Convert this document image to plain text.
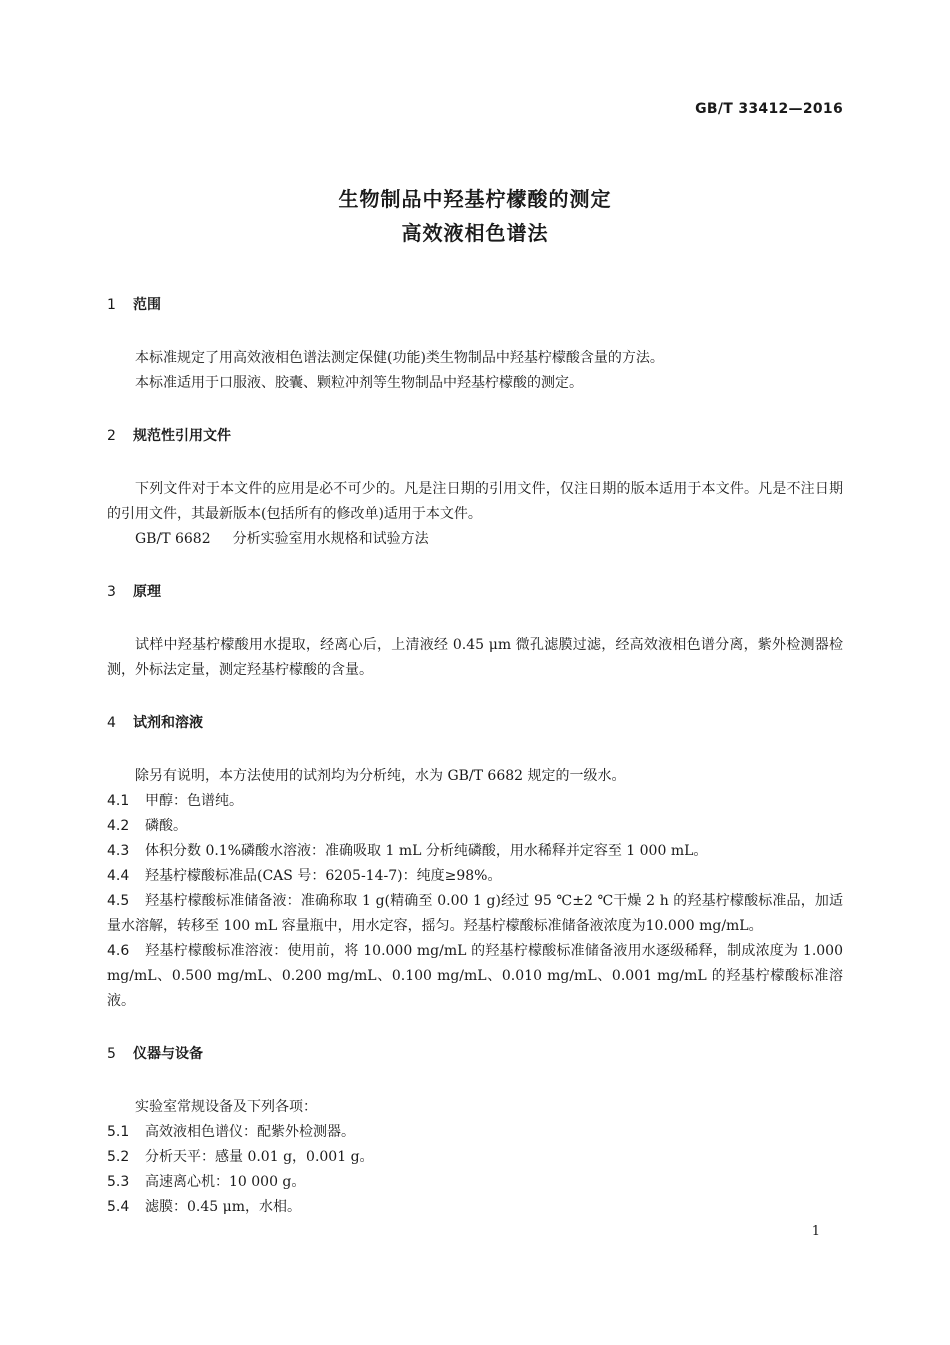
GB/T 33412—2016
生物制品中羟基柠檬酸的测定
高效液相色谱法
1 范围

本标准规定了用高效液相色谱法测定保健(功能)类生物制品中羟基柠檬酸含量的方法。

本标准适用于口服液、胶囊、颗粒冲剂等生物制品中羟基柠檬酸的测定。

2 规范性引用文件

下列文件对于本文件的应用是必不可少的。凡是注日期的引用文件，仅注日期的版本适用于本文件。凡是不注日期的引用文件，其最新版本(包括所有的修改单)适用于本文件。

GB/T 6682 分析实验室用水规格和试验方法

3 原理

试样中羟基柠檬酸用水提取，经离心后，上清液经 0.45 μm 微孔滤膜过滤，经高效液相色谱分离，紫外检测器检测，外标法定量，测定羟基柠檬酸的含量。

4 试剂和溶液

除另有说明，本方法使用的试剂均为分析纯，水为 GB/T 6682 规定的一级水。

4.1	甲醇：色谱纯。
4.2	磷酸。
4.3	体积分数 0.1%磷酸水溶液：准确吸取 1 mL 分析纯磷酸，用水稀释并定容至 1 000 mL。
4.4	羟基柠檬酸标准品(CAS 号：6205-14-7)：纯度≥98%。

4.5 羟基柠檬酸标准储备液：准确称取 1 g(精确至 0.00 1 g)经过 95 ℃±2 ℃干燥 2 h 的羟基柠檬酸标准品，加适量水溶解，转移至 100 mL 容量瓶中，用水定容，摇匀。羟基柠檬酸标准储备液浓度为10.000 mg/mL。

4.6 羟基柠檬酸标准溶液：使用前，将 10.000 mg/mL 的羟基柠檬酸标准储备液用水逐级稀释，制成浓度为 1.000 mg/mL、0.500 mg/mL、0.200 mg/mL、0.100 mg/mL、0.010 mg/mL、0.001 mg/mL 的羟基柠檬酸标准溶液。

5 仪器与设备

实验室常规设备及下列各项：

5.1	高效液相色谱仪：配紫外检测器。
5.2	分析天平：感量 0.01 g，0.001 g。
5.3	高速离心机：10 000 g。
5.4	滤膜：0.45 μm，水相。
1
